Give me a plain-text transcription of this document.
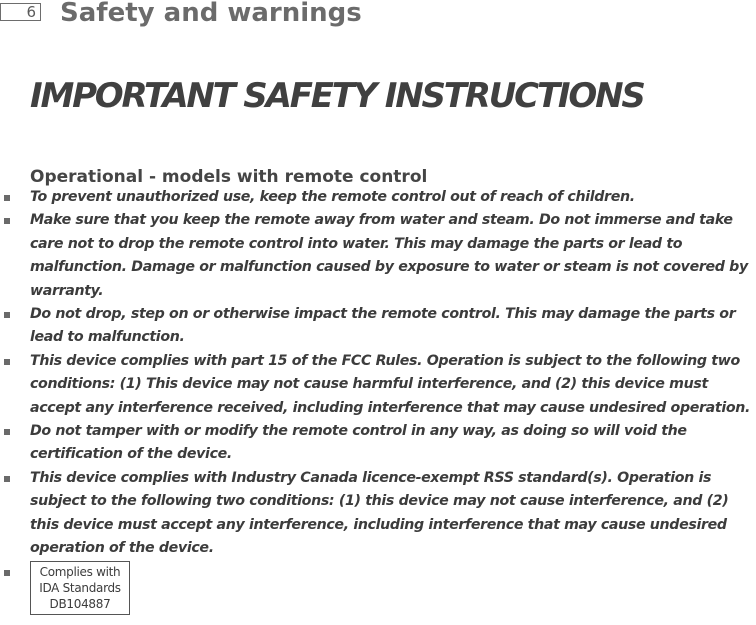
6 Safety and warnings
IMPORTANT SAFETY INSTRUCTIONS
Operational - models with remote control
To prevent unauthorized use, keep the remote control out of reach of children.
Make sure that you keep the remote away from water and steam. Do not immerse and take care not to drop the remote control into water. This may damage the parts or lead to malfunction. Damage or malfunction caused by exposure to water or steam is not covered by warranty.
Do not drop, step on or otherwise impact the remote control. This may damage the parts or lead to malfunction.
This device complies with part 15 of the FCC Rules. Operation is subject to the following two conditions: (1) This device may not cause harmful interference, and (2) this device must accept any interference received, including interference that may cause undesired operation.
Do not tamper with or modify the remote control in any way, as doing so will void the certification of the device.
This device complies with Industry Canada licence-exempt RSS standard(s). Operation is subject to the following two conditions: (1) this device may not cause interference, and (2) this device must accept any interference, including interference that may cause undesired operation of the device.
Complies with
IDA Standards
DB104887
